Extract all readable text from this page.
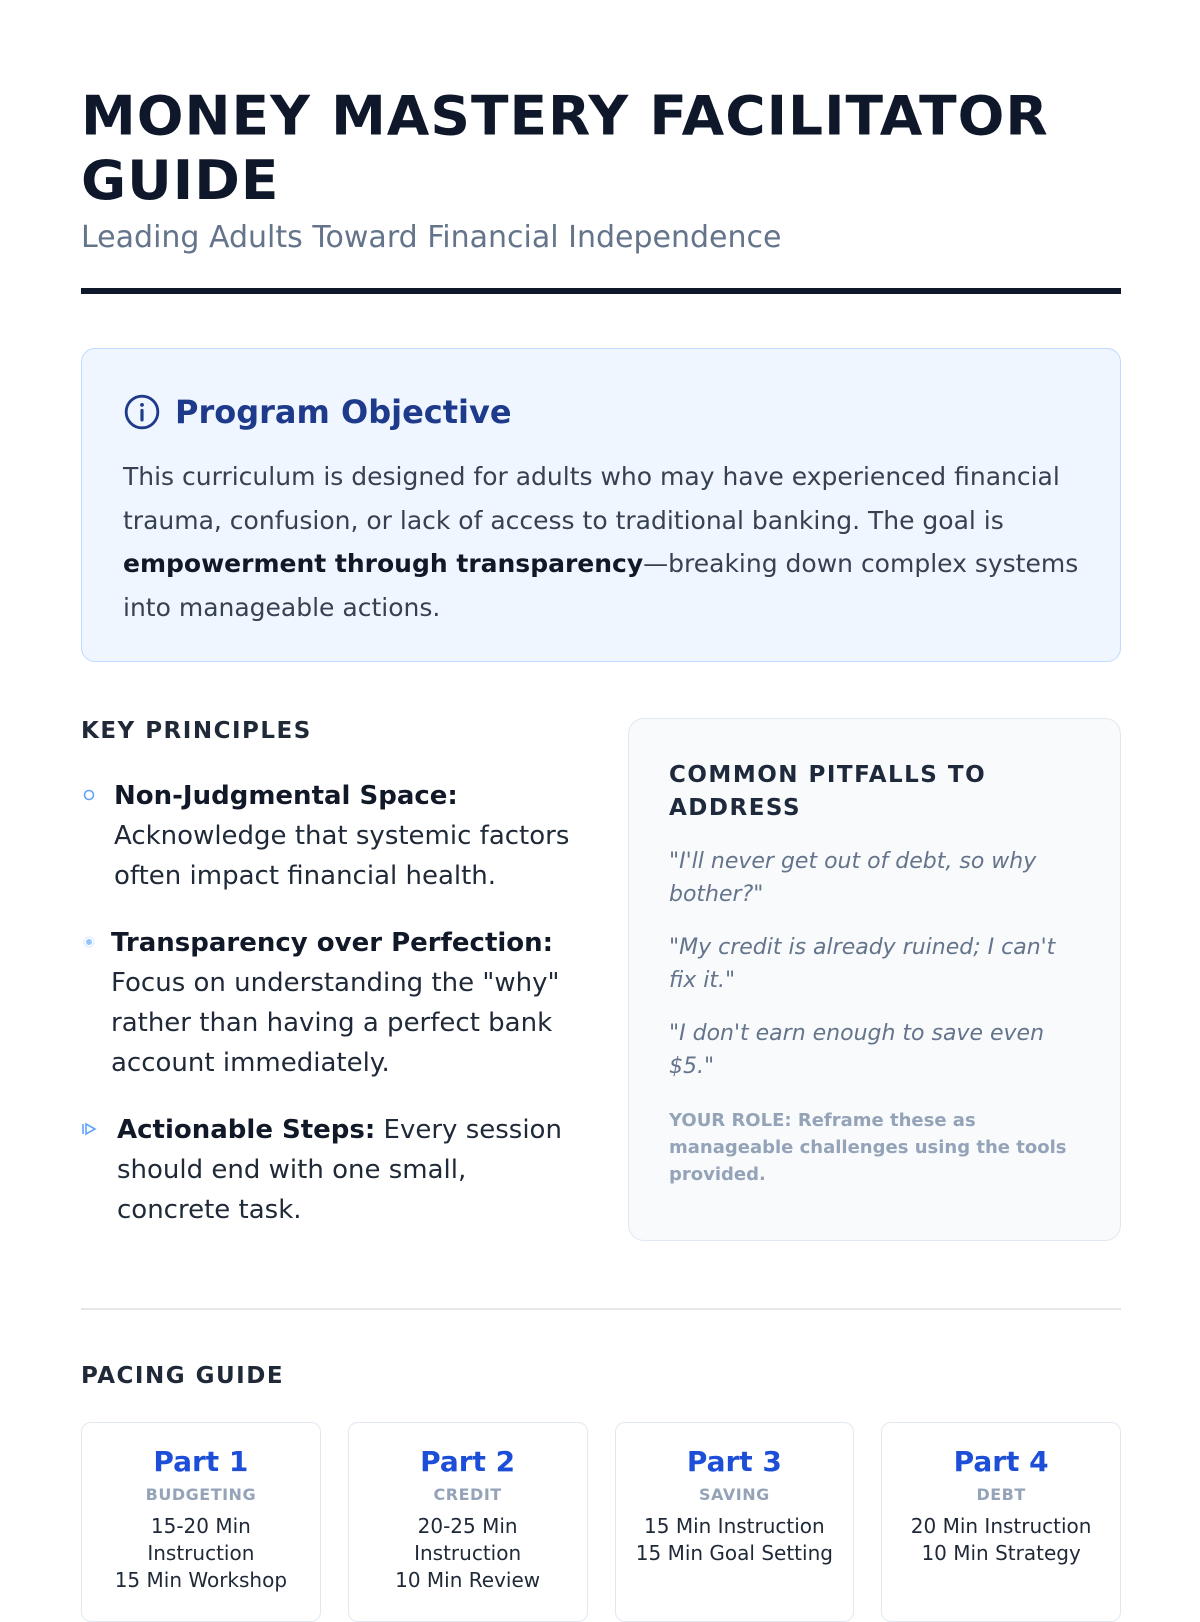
MONEY MASTERY FACILITATOR GUIDE

Leading Adults Toward Financial Independence

Program Objective

This curriculum is designed for adults who may have experienced financial trauma, confusion, or lack of access to traditional banking. The goal is empowerment through transparency—breaking down complex systems into manageable actions.

KEY PRINCIPLES
Non-Judgmental Space:
Acknowledge that systemic factors often impact financial health.
Transparency over Perfection:
Focus on understanding the "why" rather than having a perfect bank account immediately.
Actionable Steps: Every session should end with one small, concrete task.
COMMON PITFALLS TO ADDRESS

"I'll never get out of debt, so why bother?"

"My credit is already ruined; I can't fix it."

"I don't earn enough to save even $5."

YOUR ROLE: Reframe these as manageable challenges using the tools provided.
PACING GUIDE
Part 1
BUDGETING
15-20 Min
Instruction
15 Min Workshop
Part 2
CREDIT
20-25 Min
Instruction
10 Min Review
Part 3
SAVING
15 Min Instruction
15 Min Goal Setting
Part 4
DEBT
20 Min Instruction
10 Min Strategy
